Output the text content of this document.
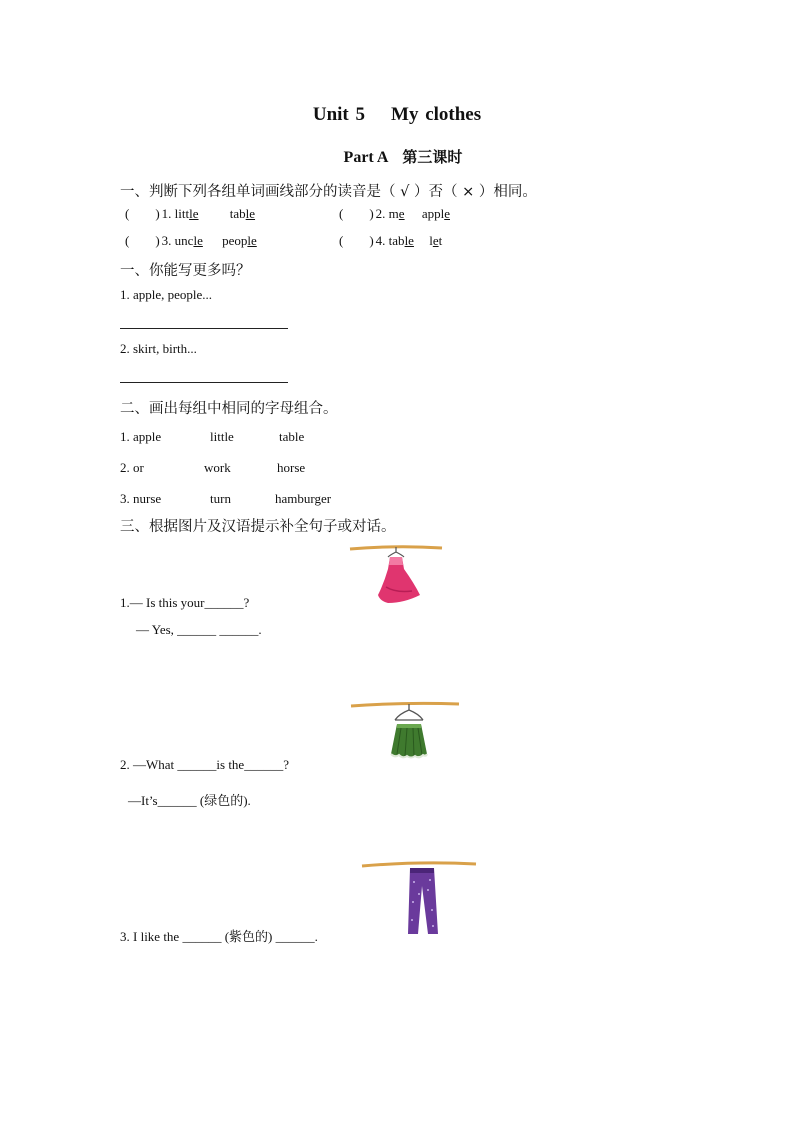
Unit 5 My clothes
Part A 第三课时
一、判断下列各组单词画线部分的读音是（ √ ）否（ × ）相同。
(        ) 1. little table	(        ) 2. me apple
(        ) 3. uncle people	(        ) 4. table let
一、你能写更多吗？
1. apple, people...
2. skirt, birth...
二、画出每组中相同的字母组合。
1. apple	little	table
2. or	work	horse
3. nurse	turn	hamburger
三、根据图片及汉语提示补全句子或对话。
1.— Is this your______?
— Yes, ______ ______.
2. —What ______is the______?
—It’s______ (绿色的).
3. I like the ______ (紫色的) ______.
